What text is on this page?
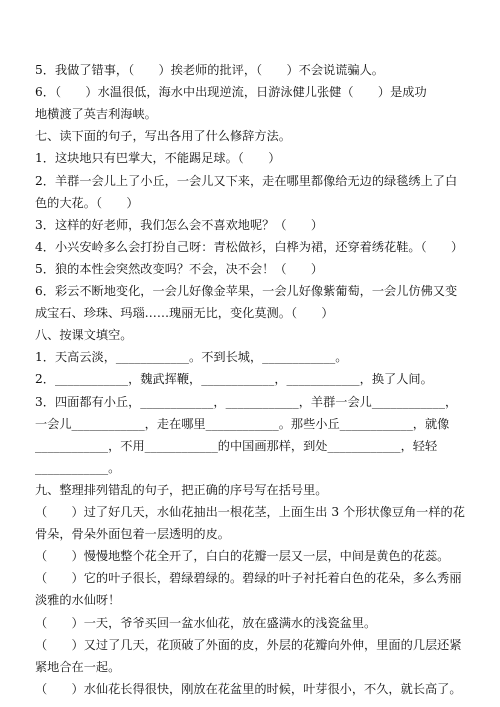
5．我做了错事，（　　）挨老师的批评，（　　）不会说谎骗人。
6．（　　）水温很低，海水中出现逆流，日游泳健儿张健（　　）是成功
地横渡了英吉利海峡。
七、读下面的句子，写出各用了什么修辞方法。
1．这块地只有巴掌大，不能踢足球。（　　）
2．羊群一会儿上了小丘，一会儿又下来，走在哪里都像给无边的绿毯绣上了白
色的大花。（　　）
3．这样的好老师，我们怎么会不喜欢地呢？（　　）
4．小兴安岭多么会打扮自己呀：青松做衫，白桦为裙，还穿着绣花鞋。（　　）
5．狼的本性会突然改变吗？不会，决不会！（　　）
6．彩云不断地变化，一会儿好像金苹果，一会儿好像紫葡萄，一会儿仿佛又变
成宝石、珍珠、玛瑙……瑰丽无比，变化莫测。（　　）
八、按课文填空。
1．天高云淡，____________。不到长城，____________。
2．____________，魏武挥鞭，____________，____________，换了人间。
3．四面都有小丘，____________，____________，羊群一会儿____________，
一会儿____________，走在哪里____________。那些小丘____________，就像
____________，不用____________的中国画那样，到处____________，轻轻
____________。
九、整理排列错乱的句子，把正确的序号写在括号里。
（　　）过了好几天，水仙花抽出一根花茎，上面生出 3 个形状像豆角一样的花
骨朵，骨朵外面包着一层透明的皮。
（　　）慢慢地整个花全开了，白白的花瓣一层又一层，中间是黄色的花蕊。
（　　）它的叶子很长，碧绿碧绿的。碧绿的叶子衬托着白色的花朵，多么秀丽
淡雅的水仙呀！
（　　）一天，爷爷买回一盆水仙花，放在盛满水的浅瓷盆里。
（　　）又过了几天，花顶破了外面的皮，外层的花瓣向外伸，里面的几层还紧
紧地合在一起。
（　　）水仙花长得很快，刚放在花盆里的时候，叶芽很小，不久，就长高了。
